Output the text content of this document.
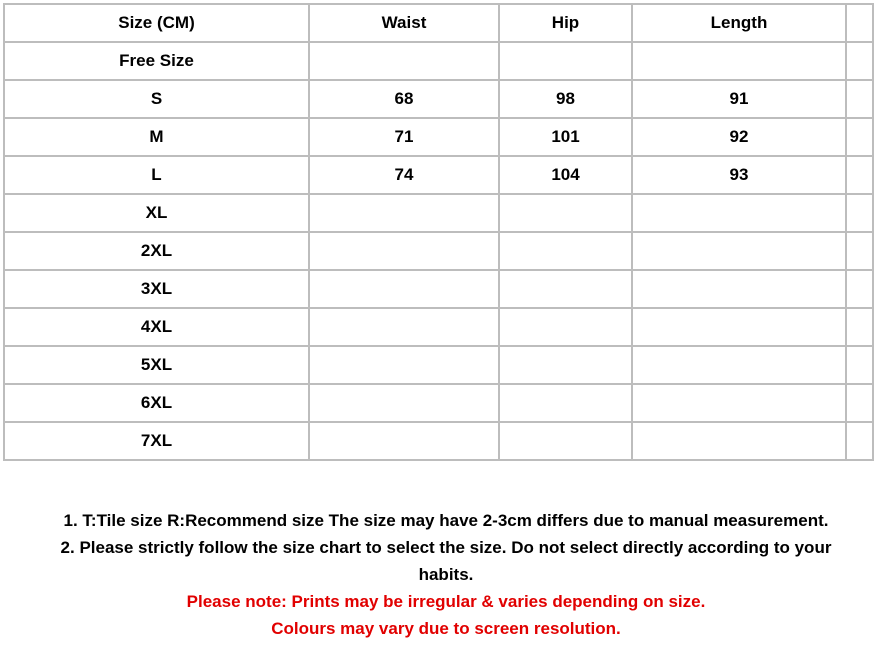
Size (CM)	Waist	Hip	Length	
Free Size				
S	68	98	91	
M	71	101	92	
L	74	104	93	
XL				
2XL				
3XL				
4XL				
5XL				
6XL				
7XL				
1. T:Tile size R:Recommend size The size may have 2-3cm differs due to manual measurement.
2. Please strictly follow the size chart to select the size. Do not select directly according to your
habits.
Please note: Prints may be irregular & varies depending on size.
Colours may vary due to screen resolution.
